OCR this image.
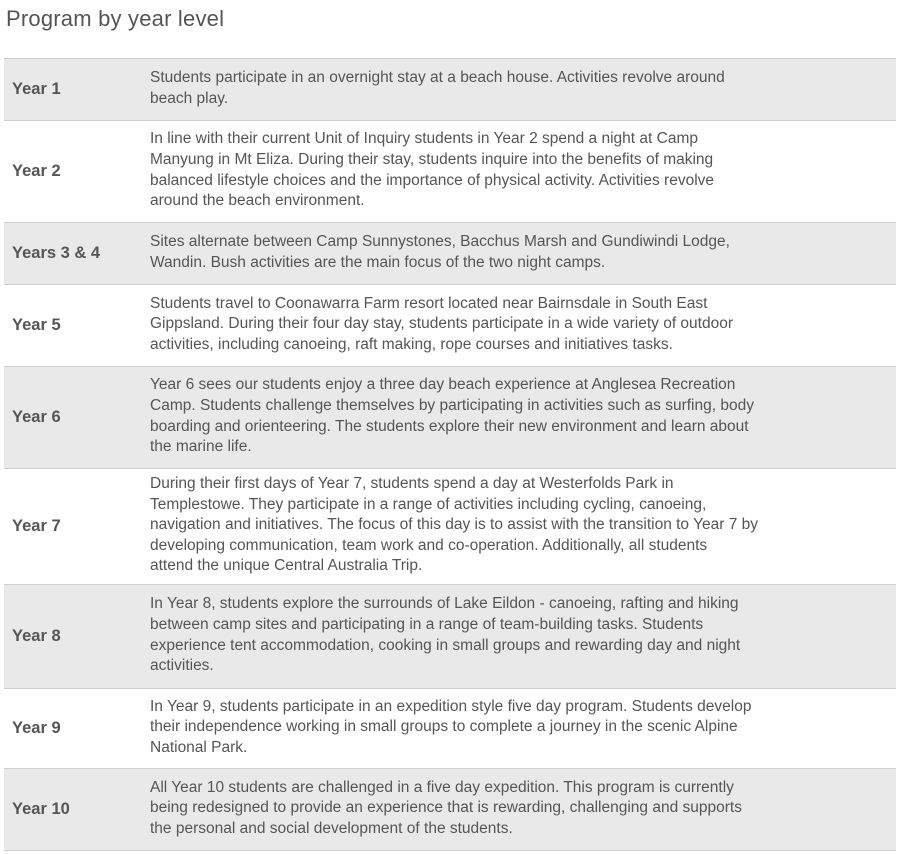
Program by year level
Year 1	Students participate in an overnight stay at a beach house. Activities revolve around
beach play.

Year 2	In line with their current Unit of Inquiry students in Year 2 spend a night at Camp
Manyung in Mt Eliza. During their stay, students inquire into the benefits of making
balanced lifestyle choices and the importance of physical activity. Activities revolve
around the beach environment.

Years 3 & 4	Sites alternate between Camp Sunnystones, Bacchus Marsh and Gundiwindi Lodge,
Wandin. Bush activities are the main focus of the two night camps.

Year 5	Students travel to Coonawarra Farm resort located near Bairnsdale in South East
Gippsland. During their four day stay, students participate in a wide variety of outdoor
activities, including canoeing, raft making, rope courses and initiatives tasks.

Year 6	Year 6 sees our students enjoy a three day beach experience at Anglesea Recreation
Camp. Students challenge themselves by participating in activities such as surfing, body
boarding and orienteering. The students explore their new environment and learn about
the marine life.

Year 7	During their first days of Year 7, students spend a day at Westerfolds Park in
Templestowe. They participate in a range of activities including cycling, canoeing,
navigation and initiatives. The focus of this day is to assist with the transition to Year 7 by
developing communication, team work and co-operation. Additionally, all students
attend the unique Central Australia Trip.

Year 8	In Year 8, students explore the surrounds of Lake Eildon - canoeing, rafting and hiking
between camp sites and participating in a range of team-building tasks. Students
experience tent accommodation, cooking in small groups and rewarding day and night
activities.

Year 9	In Year 9, students participate in an expedition style five day program. Students develop
their independence working in small groups to complete a journey in the scenic Alpine
National Park.

Year 10	All Year 10 students are challenged in a five day expedition. This program is currently
being redesigned to provide an experience that is rewarding, challenging and supports
the personal and social development of the students.
